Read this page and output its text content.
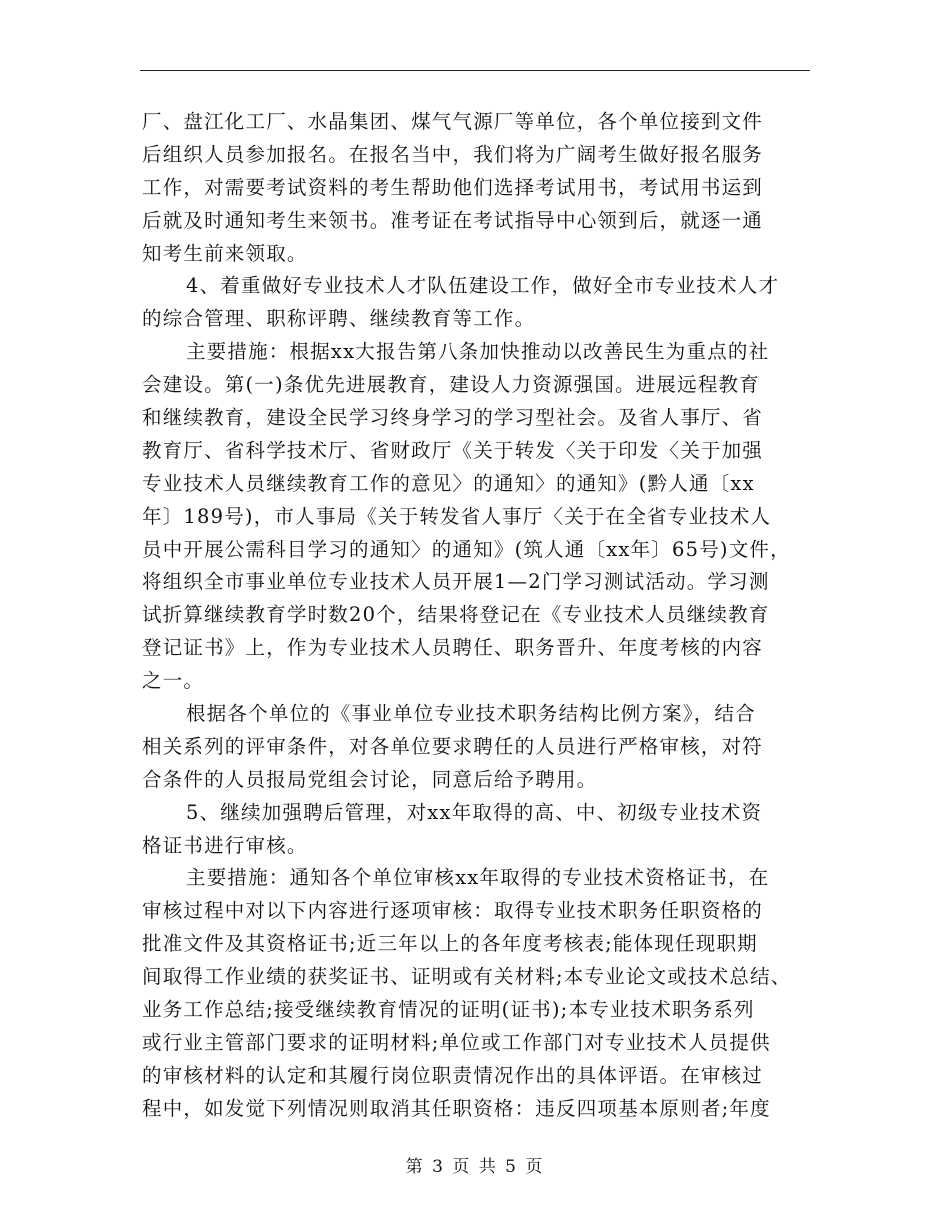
厂、盘江化工厂、水晶集团、煤气气源厂等单位，各个单位接到文件
后组织人员参加报名。在报名当中，我们将为广阔考生做好报名服务
工作，对需要考试资料的考生帮助他们选择考试用书，考试用书运到
后就及时通知考生来领书。准考证在考试指导中心领到后，就逐一通
知考生前来领取。
4、着重做好专业技术人才队伍建设工作，做好全市专业技术人才
的综合管理、职称评聘、继续教育等工作。
主要措施：根据xx大报告第八条加快推动以改善民生为重点的社
会建设。第(一)条优先进展教育，建设人力资源强国。进展远程教育
和继续教育，建设全民学习终身学习的学习型社会。及省人事厅、省
教育厅、省科学技术厅、省财政厅《关于转发〈关于印发〈关于加强
专业技术人员继续教育工作的意见〉的通知〉的通知》(黔人通〔xx
年〕189号)，市人事局《关于转发省人事厅〈关于在全省专业技术人
员中开展公需科目学习的通知〉的通知》(筑人通〔xx年〕65号)文件，
将组织全市事业单位专业技术人员开展1—2门学习测试活动。学习测
试折算继续教育学时数20个，结果将登记在《专业技术人员继续教育
登记证书》上，作为专业技术人员聘任、职务晋升、年度考核的内容
之一。
根据各个单位的《事业单位专业技术职务结构比例方案》，结合
相关系列的评审条件，对各单位要求聘任的人员进行严格审核，对符
合条件的人员报局党组会讨论，同意后给予聘用。
5、继续加强聘后管理，对xx年取得的高、中、初级专业技术资
格证书进行审核。
主要措施：通知各个单位审核xx年取得的专业技术资格证书，在
审核过程中对以下内容进行逐项审核：取得专业技术职务任职资格的
批准文件及其资格证书;近三年以上的各年度考核表;能体现任现职期
间取得工作业绩的获奖证书、证明或有关材料;本专业论文或技术总结、
业务工作总结;接受继续教育情况的证明(证书);本专业技术职务系列
或行业主管部门要求的证明材料;单位或工作部门对专业技术人员提供
的审核材料的认定和其履行岗位职责情况作出的具体评语。在审核过
程中，如发觉下列情况则取消其任职资格：违反四项基本原则者;年度
第 3 页 共 5 页
